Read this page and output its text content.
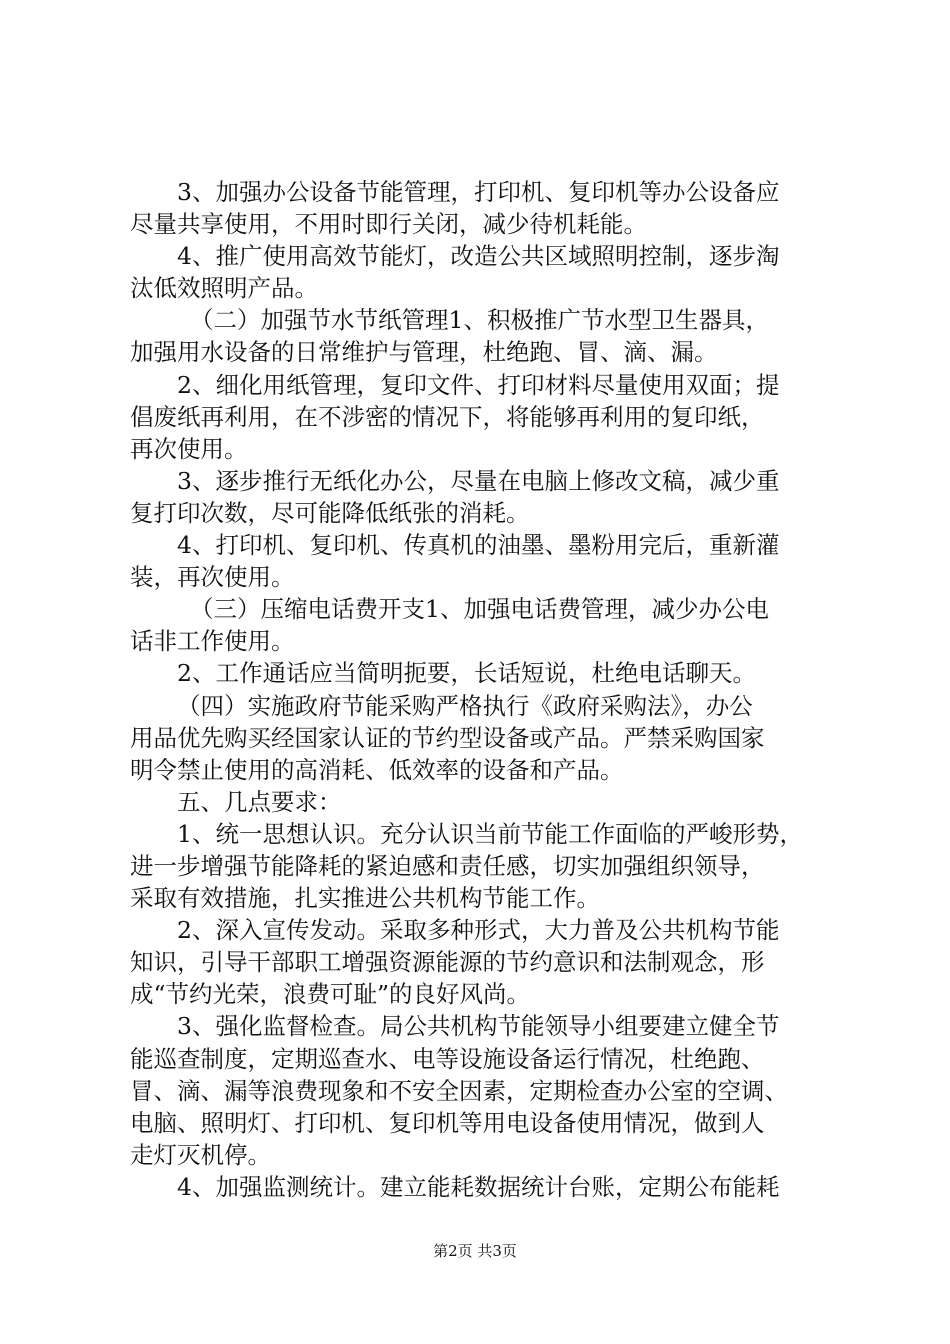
3、加强办公设备节能管理，打印机、复印机等办公设备应
尽量共享使用，不用时即行关闭，减少待机耗能。
4、推广使用高效节能灯，改造公共区域照明控制，逐步淘
汰低效照明产品。
（二）加强节水节纸管理1、积极推广节水型卫生器具，
加强用水设备的日常维护与管理，杜绝跑、冒、滴、漏。
2、细化用纸管理，复印文件、打印材料尽量使用双面；提
倡废纸再利用，在不涉密的情况下，将能够再利用的复印纸，
再次使用。
3、逐步推行无纸化办公，尽量在电脑上修改文稿，减少重
复打印次数，尽可能降低纸张的消耗。
4、打印机、复印机、传真机的油墨、墨粉用完后，重新灌
装，再次使用。
（三）压缩电话费开支1、加强电话费管理，减少办公电
话非工作使用。
2、工作通话应当简明扼要，长话短说，杜绝电话聊天。
（四）实施政府节能采购严格执行《政府采购法》，办公
用品优先购买经国家认证的节约型设备或产品。严禁采购国家
明令禁止使用的高消耗、低效率的设备和产品。
五、几点要求：
1、统一思想认识。充分认识当前节能工作面临的严峻形势，
进一步增强节能降耗的紧迫感和责任感，切实加强组织领导，
采取有效措施，扎实推进公共机构节能工作。
2、深入宣传发动。采取多种形式，大力普及公共机构节能
知识，引导干部职工增强资源能源的节约意识和法制观念，形
成“节约光荣，浪费可耻”的良好风尚。
3、强化监督检查。局公共机构节能领导小组要建立健全节
能巡查制度，定期巡查水、电等设施设备运行情况，杜绝跑、
冒、滴、漏等浪费现象和不安全因素，定期检查办公室的空调、
电脑、照明灯、打印机、复印机等用电设备使用情况，做到人
走灯灭机停。
4、加强监测统计。建立能耗数据统计台账，定期公布能耗
第2页 共3页
